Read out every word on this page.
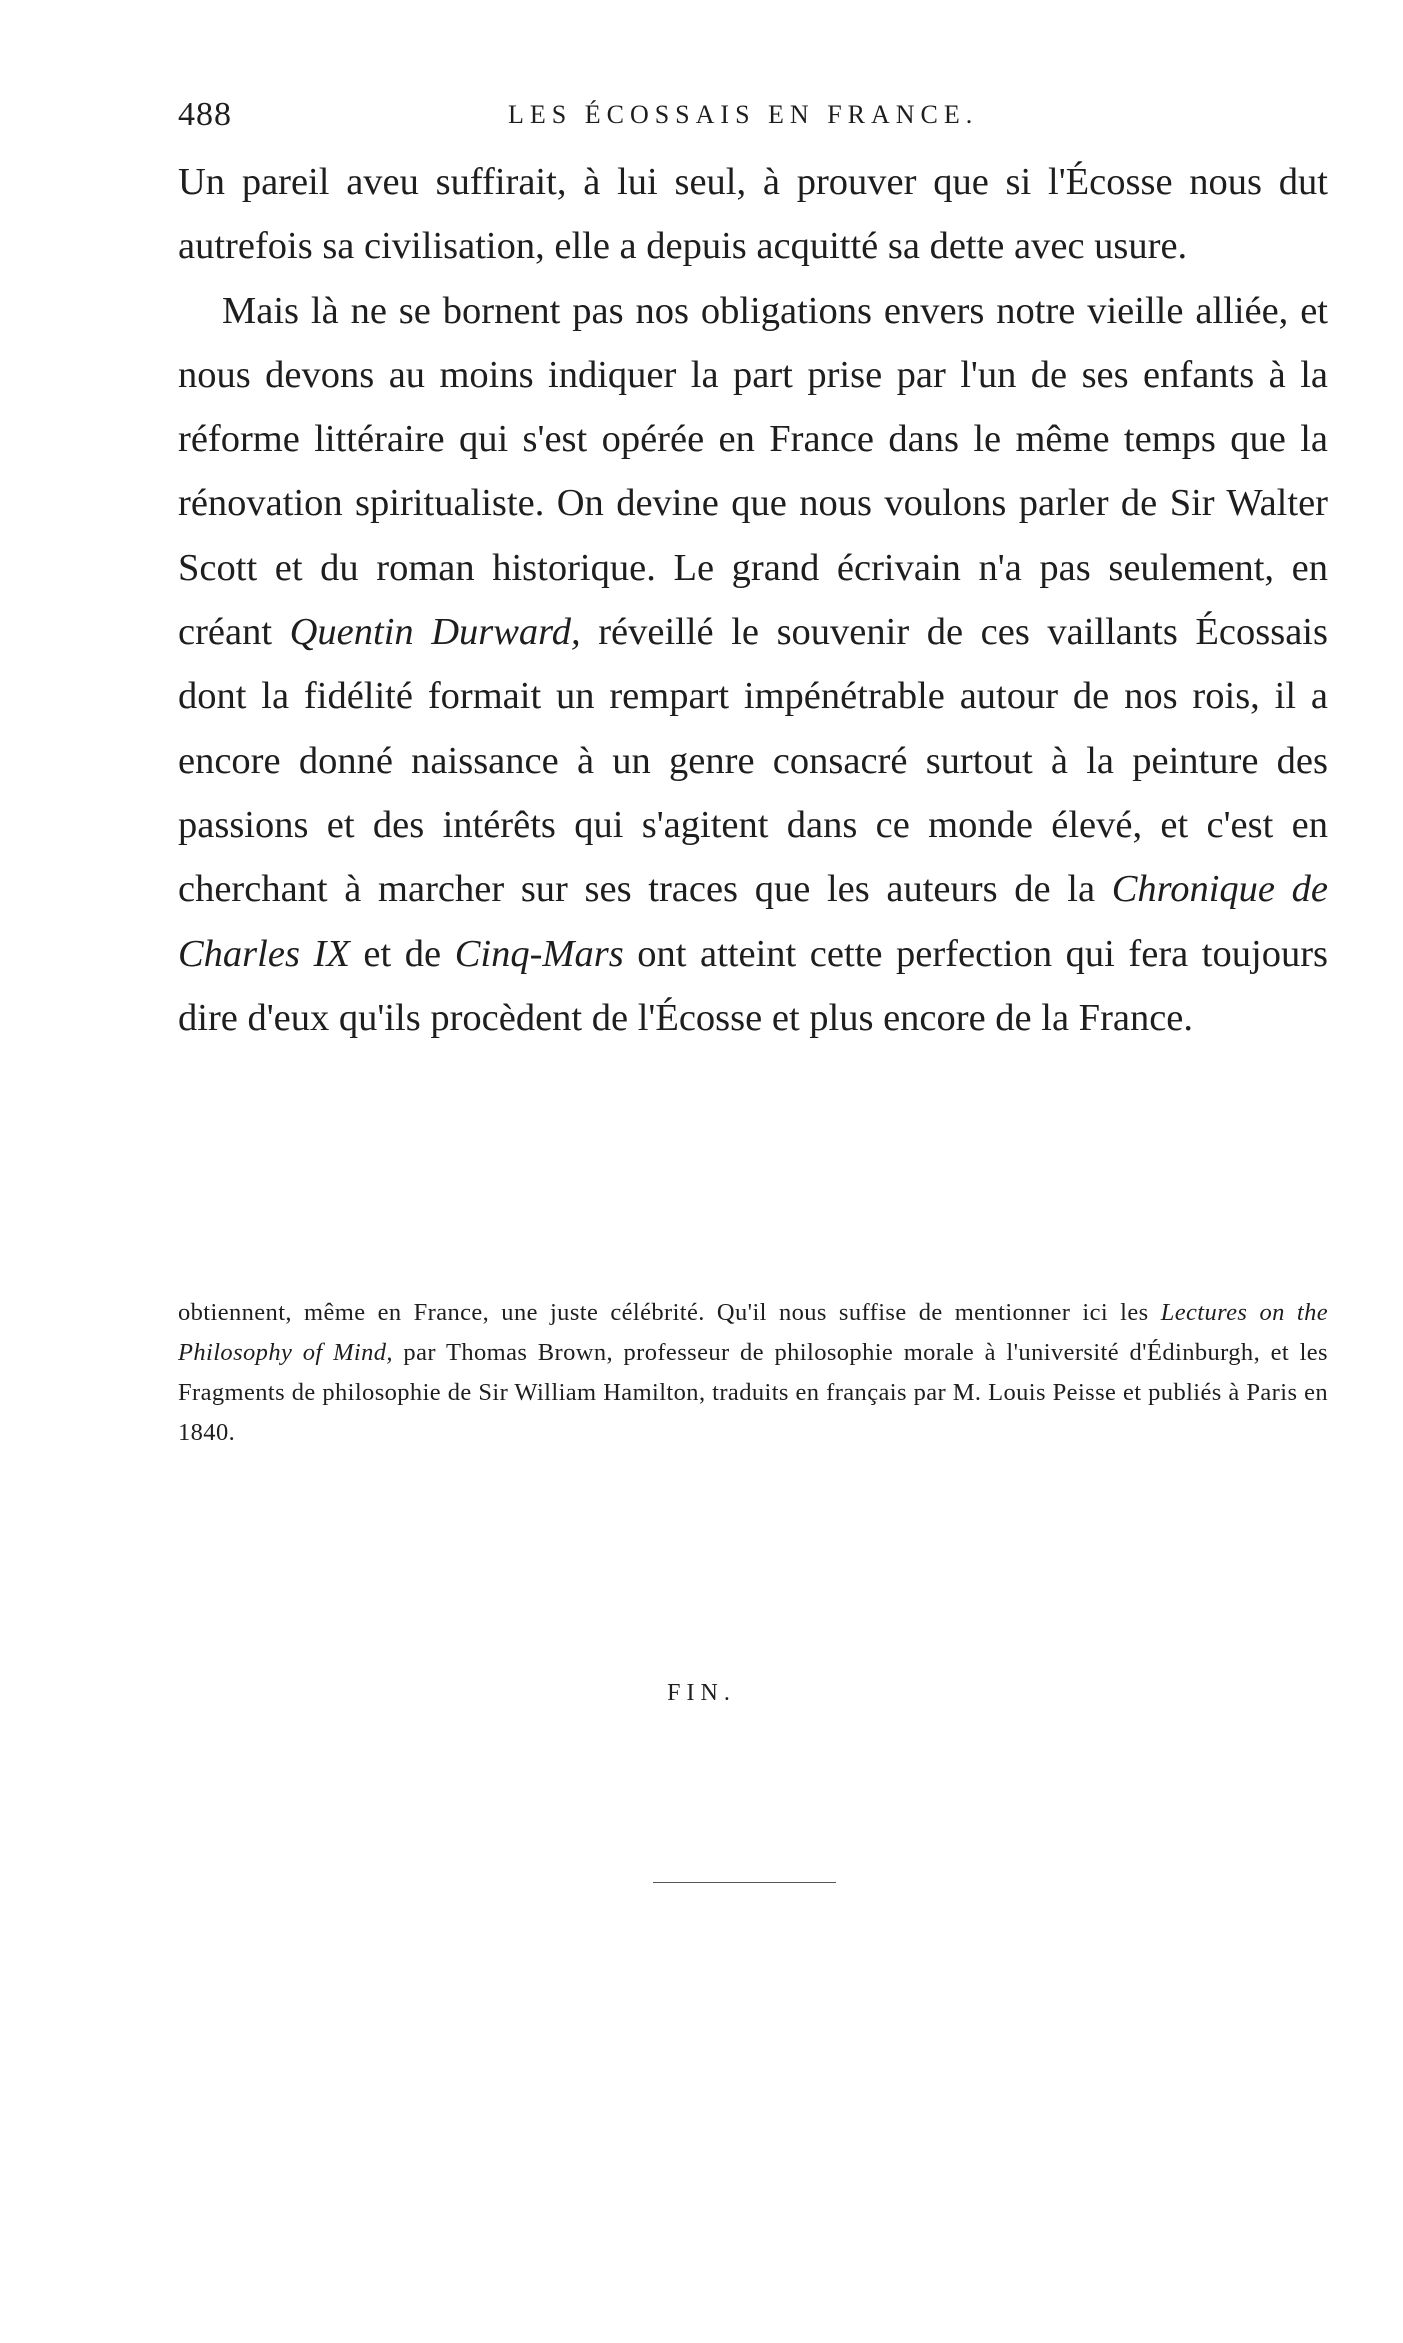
488	LES ÉCOSSAIS EN FRANCE.

Un pareil aveu suffirait, à lui seul, à prouver que si l'Écosse nous dut autrefois sa civilisation, elle a depuis acquitté sa dette avec usure.

Mais là ne se bornent pas nos obligations envers notre vieille alliée, et nous devons au moins indiquer la part prise par l'un de ses enfants à la réforme littéraire qui s'est opérée en France dans le même temps que la rénovation spiritualiste. On devine que nous voulons parler de Sir Walter Scott et du roman historique. Le grand écrivain n'a pas seulement, en créant Quentin Durward, réveillé le souvenir de ces vaillants Écossais dont la fidélité formait un rempart impénétrable autour de nos rois, il a encore donné naissance à un genre consacré surtout à la peinture des passions et des intérêts qui s'agitent dans ce monde élevé, et c'est en cherchant à marcher sur ses traces que les auteurs de la Chronique de Charles IX et de Cinq-Mars ont atteint cette perfection qui fera toujours dire d'eux qu'ils procèdent de l'Écosse et plus encore de la France.

obtiennent, même en France, une juste célébrité. Qu'il nous suffise de mentionner ici les Lectures on the Philosophy of Mind, par Thomas Brown, professeur de philosophie morale à l'université d'Édinburgh, et les Fragments de philosophie de Sir William Hamilton, traduits en français par M. Louis Peisse et publiés à Paris en 1840.
FIN.
